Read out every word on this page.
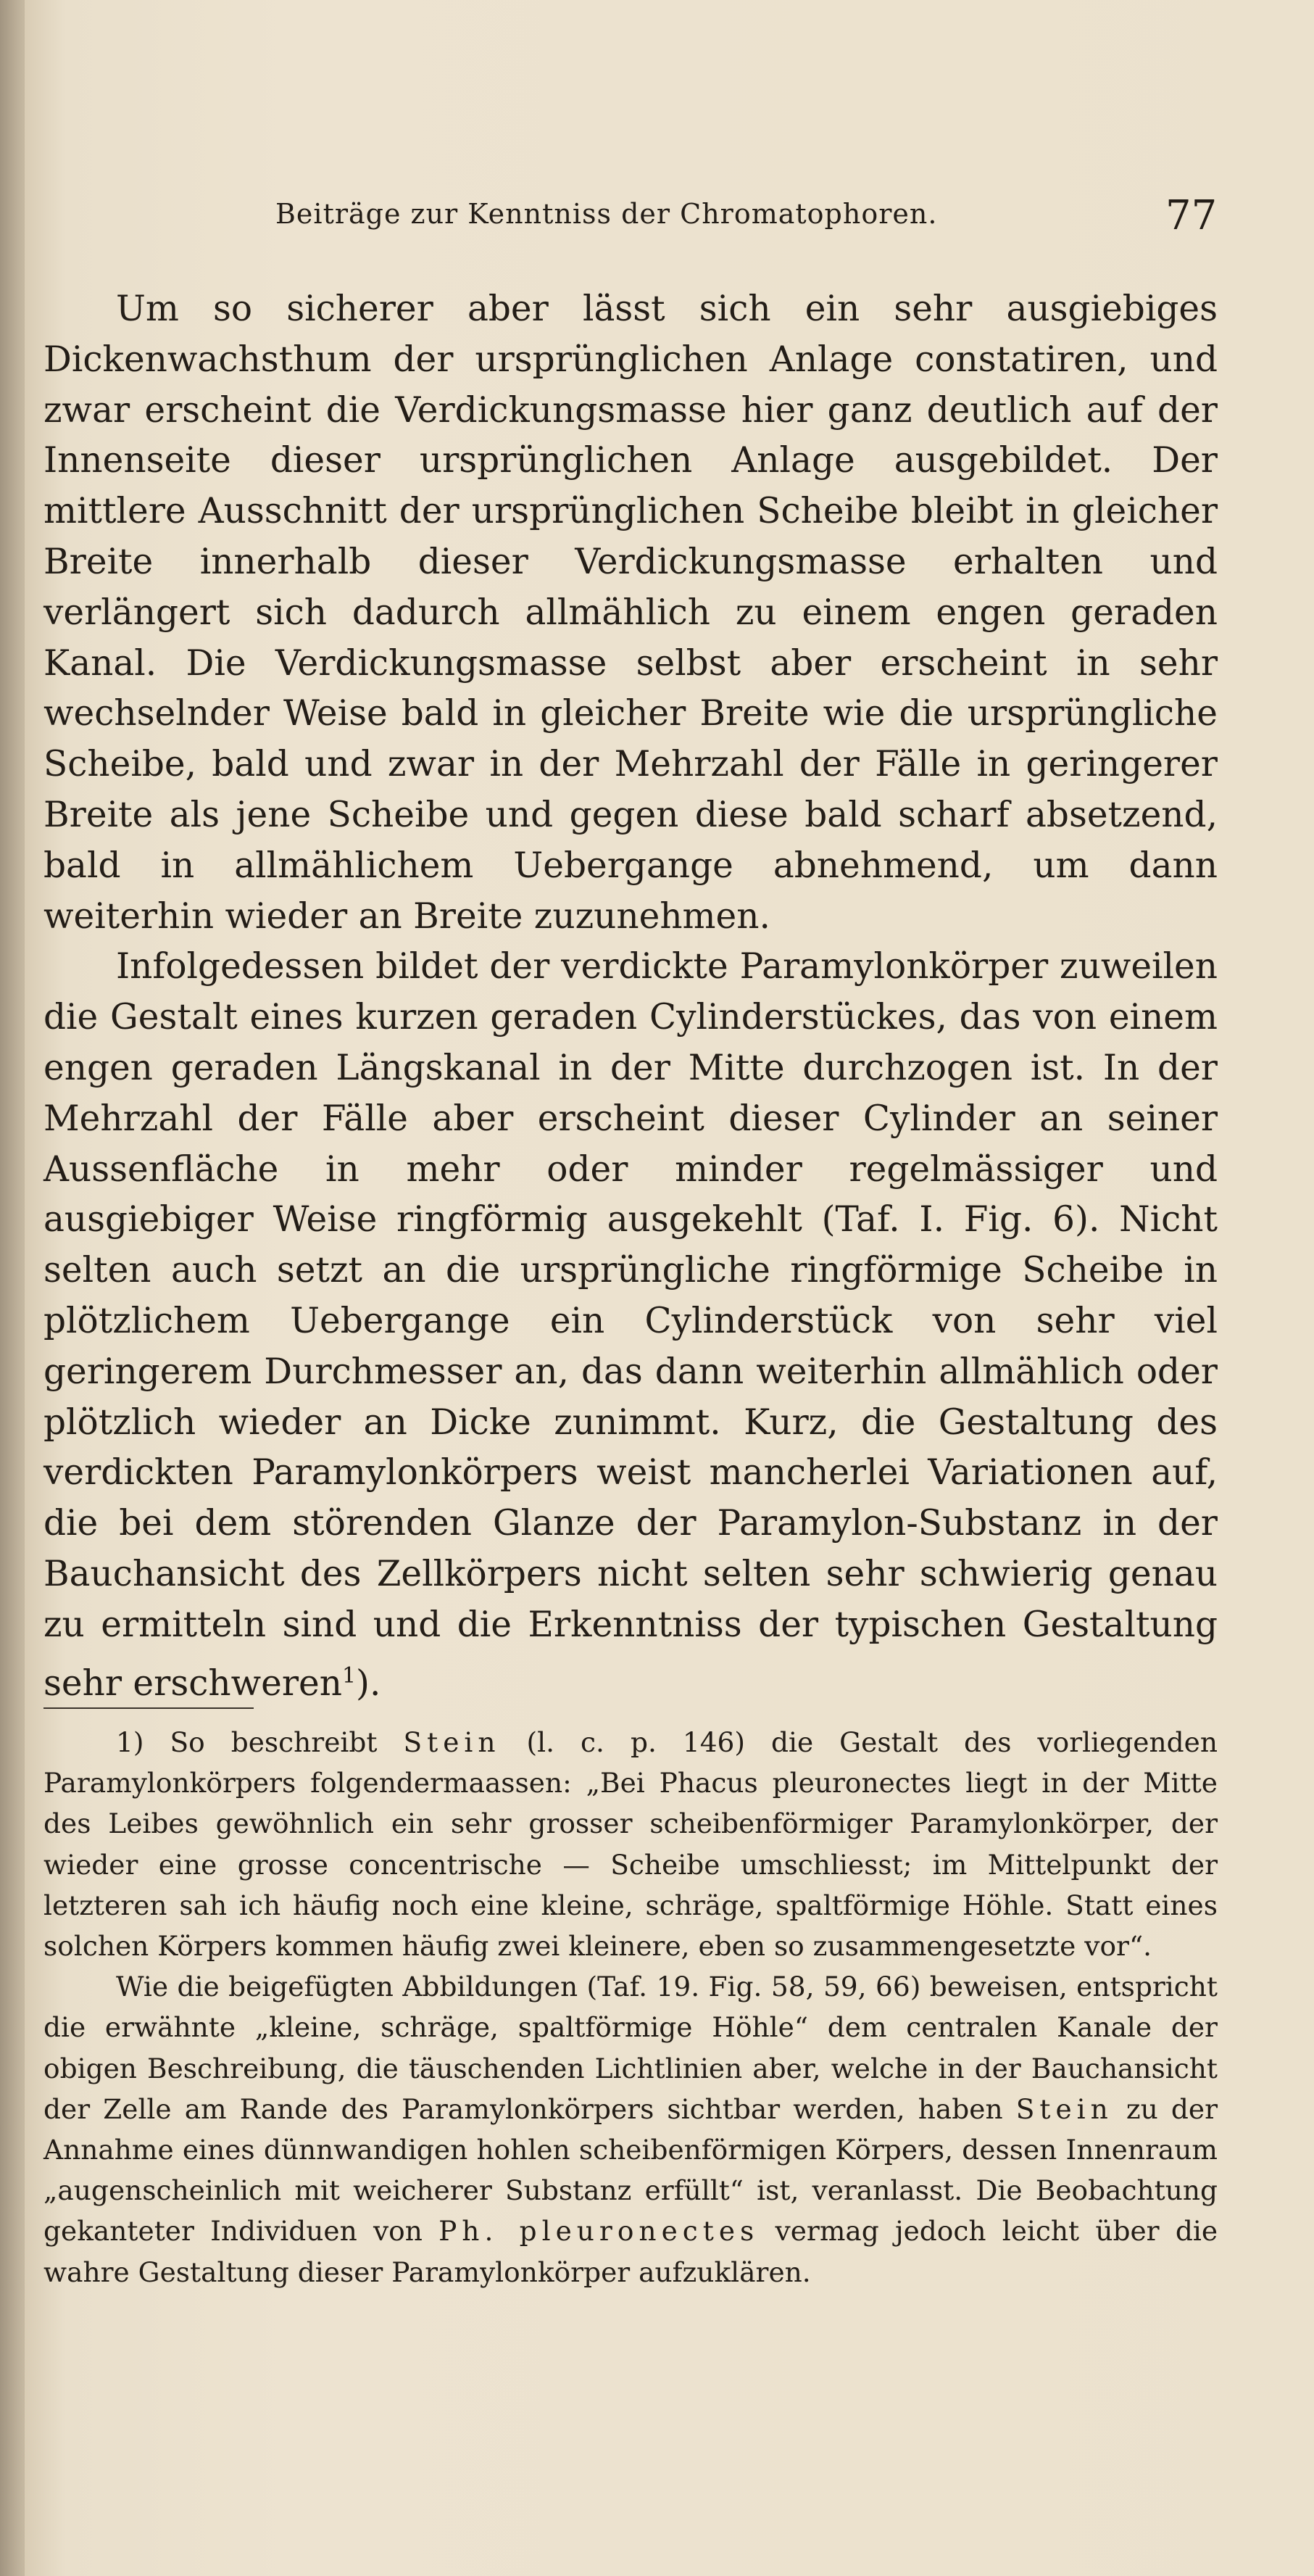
Beiträge zur Kenntniss der Chromatophoren.	77

Um so sicherer aber lässt sich ein sehr ausgiebiges Dickenwachsthum der ursprünglichen Anlage constatiren, und zwar erscheint die Verdickungsmasse hier ganz deutlich auf der Innenseite dieser ursprünglichen Anlage ausgebildet. Der mittlere Ausschnitt der ursprünglichen Scheibe bleibt in gleicher Breite innerhalb dieser Verdickungsmasse erhalten und verlängert sich dadurch allmählich zu einem engen geraden Kanal. Die Verdickungsmasse selbst aber erscheint in sehr wechselnder Weise bald in gleicher Breite wie die ursprüngliche Scheibe, bald und zwar in der Mehrzahl der Fälle in geringerer Breite als jene Scheibe und gegen diese bald scharf absetzend, bald in allmählichem Uebergange abnehmend, um dann weiterhin wieder an Breite zuzunehmen.

Infolgedessen bildet der verdickte Paramylonkörper zuweilen die Gestalt eines kurzen geraden Cylinderstückes, das von einem engen geraden Längskanal in der Mitte durchzogen ist. In der Mehrzahl der Fälle aber erscheint dieser Cylinder an seiner Aussenfläche in mehr oder minder regelmässiger und ausgiebiger Weise ringförmig ausgekehlt (Taf. I. Fig. 6). Nicht selten auch setzt an die ursprüngliche ringförmige Scheibe in plötzlichem Uebergange ein Cylinderstück von sehr viel geringerem Durchmesser an, das dann weiterhin allmählich oder plötzlich wieder an Dicke zunimmt. Kurz, die Gestaltung des verdickten Paramylonkörpers weist mancherlei Variationen auf, die bei dem störenden Glanze der Paramylon-Substanz in der Bauchansicht des Zellkörpers nicht selten sehr schwierig genau zu ermitteln sind und die Erkenntniss der typischen Gestaltung sehr erschweren$^1$).

1) So beschreibt Stein (l. c. p. 146) die Gestalt des vorliegenden Paramylonkörpers folgendermaassen: „Bei Phacus pleuronectes liegt in der Mitte des Leibes gewöhnlich ein sehr grosser scheibenförmiger Paramylonkörper, der wieder eine grosse concentrische — Scheibe umschliesst; im Mittelpunkt der letzteren sah ich häufig noch eine kleine, schräge, spaltförmige Höhle. Statt eines solchen Körpers kommen häufig zwei kleinere, eben so zusammengesetzte vor“.

Wie die beigefügten Abbildungen (Taf. 19. Fig. 58, 59, 66) beweisen, entspricht die erwähnte „kleine, schräge, spaltförmige Höhle“ dem centralen Kanale der obigen Beschreibung, die täuschenden Lichtlinien aber, welche in der Bauchansicht der Zelle am Rande des Paramylonkörpers sichtbar werden, haben Stein zu der Annahme eines dünnwandigen hohlen scheibenförmigen Körpers, dessen Innenraum „augenscheinlich mit weicherer Substanz erfüllt“ ist, veranlasst. Die Beobachtung gekanteter Individuen von Ph. pleuronectes vermag jedoch leicht über die wahre Gestaltung dieser Paramylonkörper aufzuklären.
